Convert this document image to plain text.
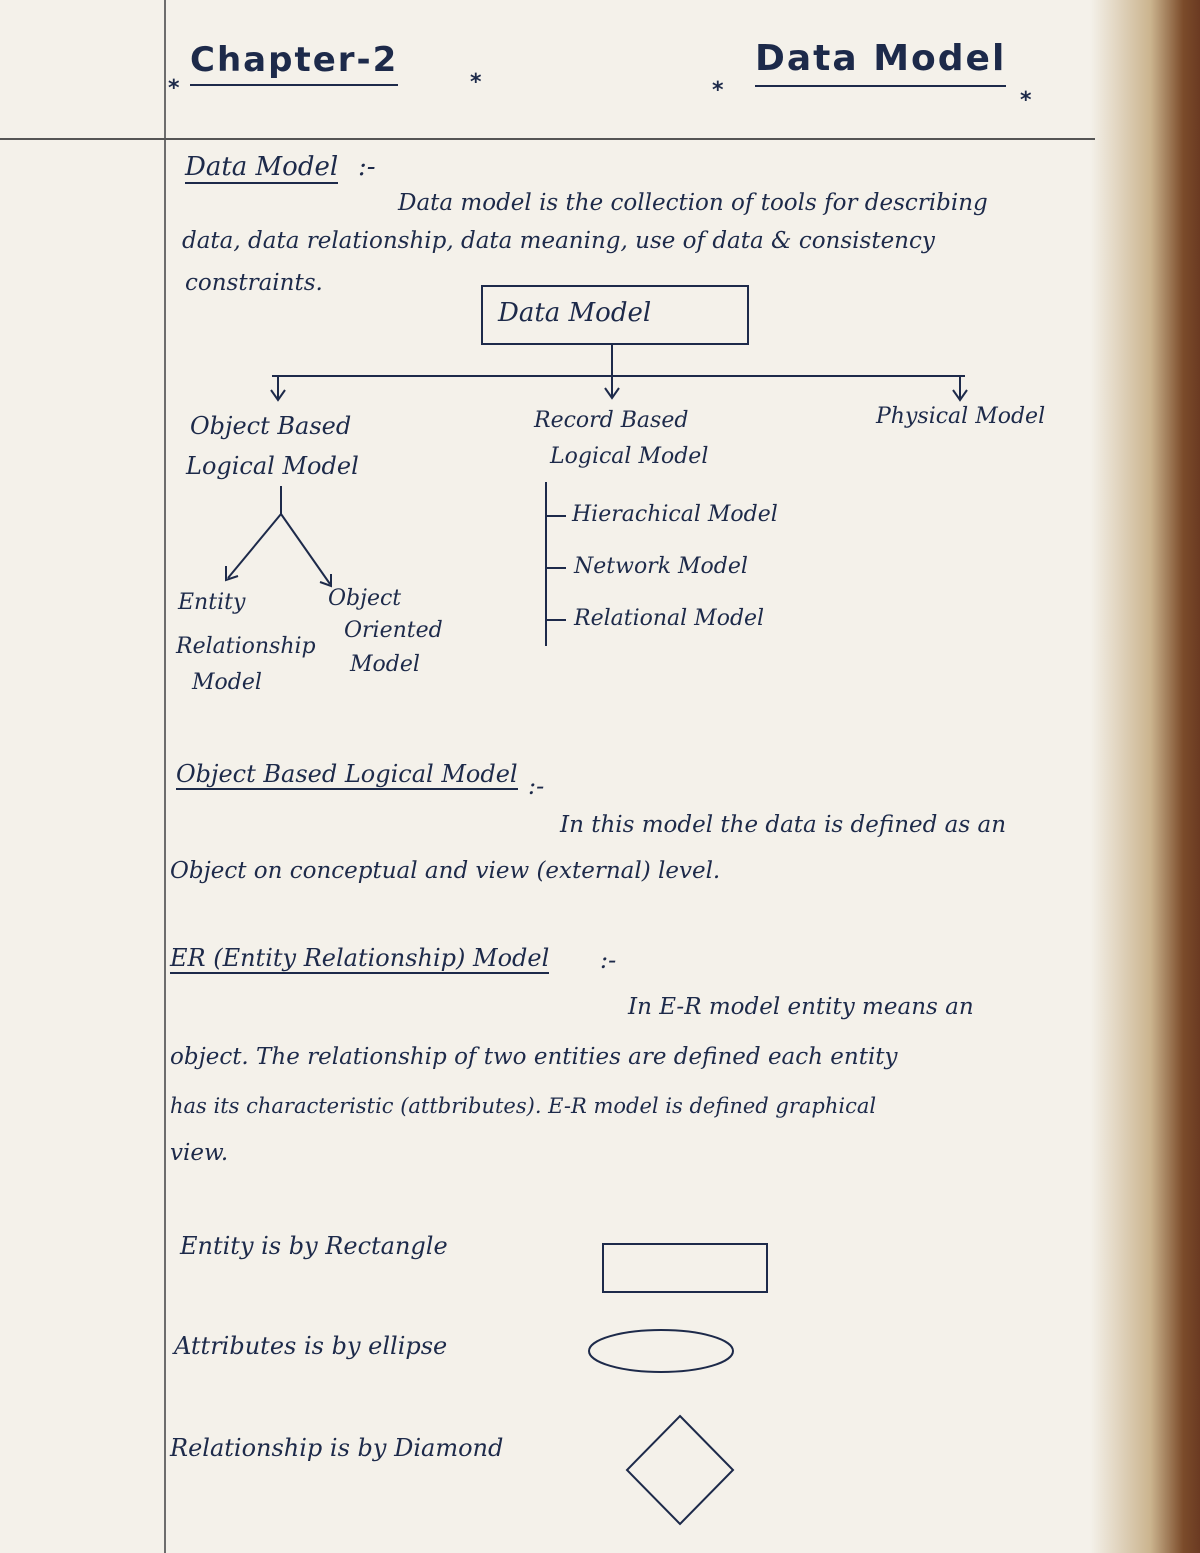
Chapter-2
*	*
Data Model
*	*
Data Model :-
Data model is the collection of tools for describing
data, data relationship, data meaning, use of data & consistency
constraints.
Data Model
Object Based
Logical Model
Record Based
Logical Model
Physical Model
Entity
Relationship
Model
Object
Oriented
Model
Hierachical Model
Network Model
Relational Model
Object Based Logical Model :-
In this model the data is defined as an
Object on conceptual and view (external) level.
ER (Entity Relationship) Model :-
In E-R model entity means an
object. The relationship of two entities are defined each entity
has its characteristic (attbributes). E-R model is defined graphical
view.
Entity is by Rectangle
Attributes is by ellipse
Relationship is by Diamond
